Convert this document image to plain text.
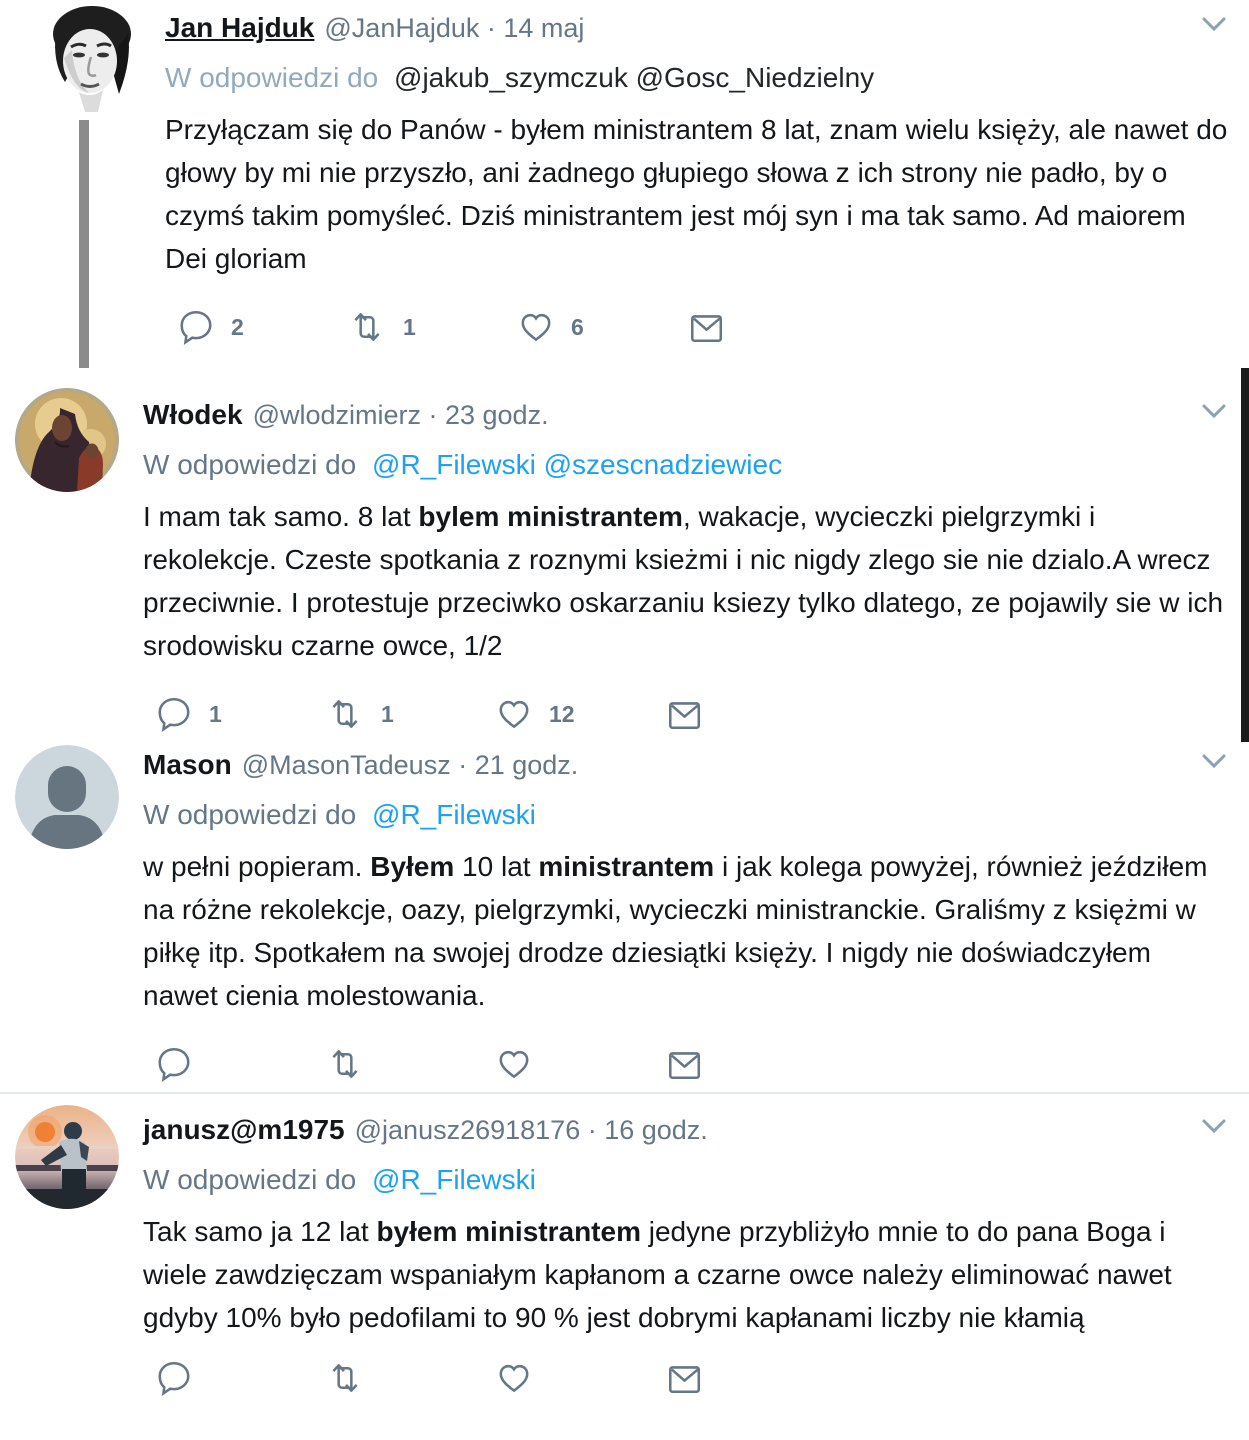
Jan Hajduk @JanHajduk · 14 maj
W odpowiedzi do @jakub_szymczuk @Gosc_Niedzielny

Przyłączam się do Panów - byłem ministrantem 8 lat, znam wielu księży, ale nawet do głowy by mi nie przyszło, ani żadnego głupiego słowa z ich strony nie padło, by o czymś takim pomyśleć. Dziś ministrantem jest mój syn i ma tak samo. Ad maiorem Dei gloriam

2	1	6
Włodek @wlodzimierz · 23 godz.
W odpowiedzi do @R_Filewski @szescnadziewiec

I mam tak samo. 8 lat bylem ministrantem, wakacje, wycieczki pielgrzymki i rekolekcje. Czeste spotkania z roznymi ksieżmi i nic nigdy zlego sie nie dzialo.A wrecz przeciwnie. I protestuje przeciwko oskarzaniu ksiezy tylko dlatego, ze pojawily sie w ich srodowisku czarne owce, 1/2

1	1	12
Mason @MasonTadeusz · 21 godz.
W odpowiedzi do @R_Filewski

w pełni popieram. Byłem 10 lat ministrantem i jak kolega powyżej, również jeździłem na różne rekolekcje, oazy, pielgrzymki, wycieczki ministranckie. Graliśmy z księżmi w piłkę itp. Spotkałem na swojej drodze dziesiątki księży. I nigdy nie doświadczyłem nawet cienia molestowania.

janusz@m1975 @janusz26918176 · 16 godz.
W odpowiedzi do @R_Filewski

Tak samo ja 12 lat byłem ministrantem jedyne przybliżyło mnie to do pana Boga i wiele zawdzięczam wspaniałym kapłanom a czarne owce należy eliminować nawet gdyby 10% było pedofilami to 90 % jest dobrymi kapłanami liczby nie kłamią
